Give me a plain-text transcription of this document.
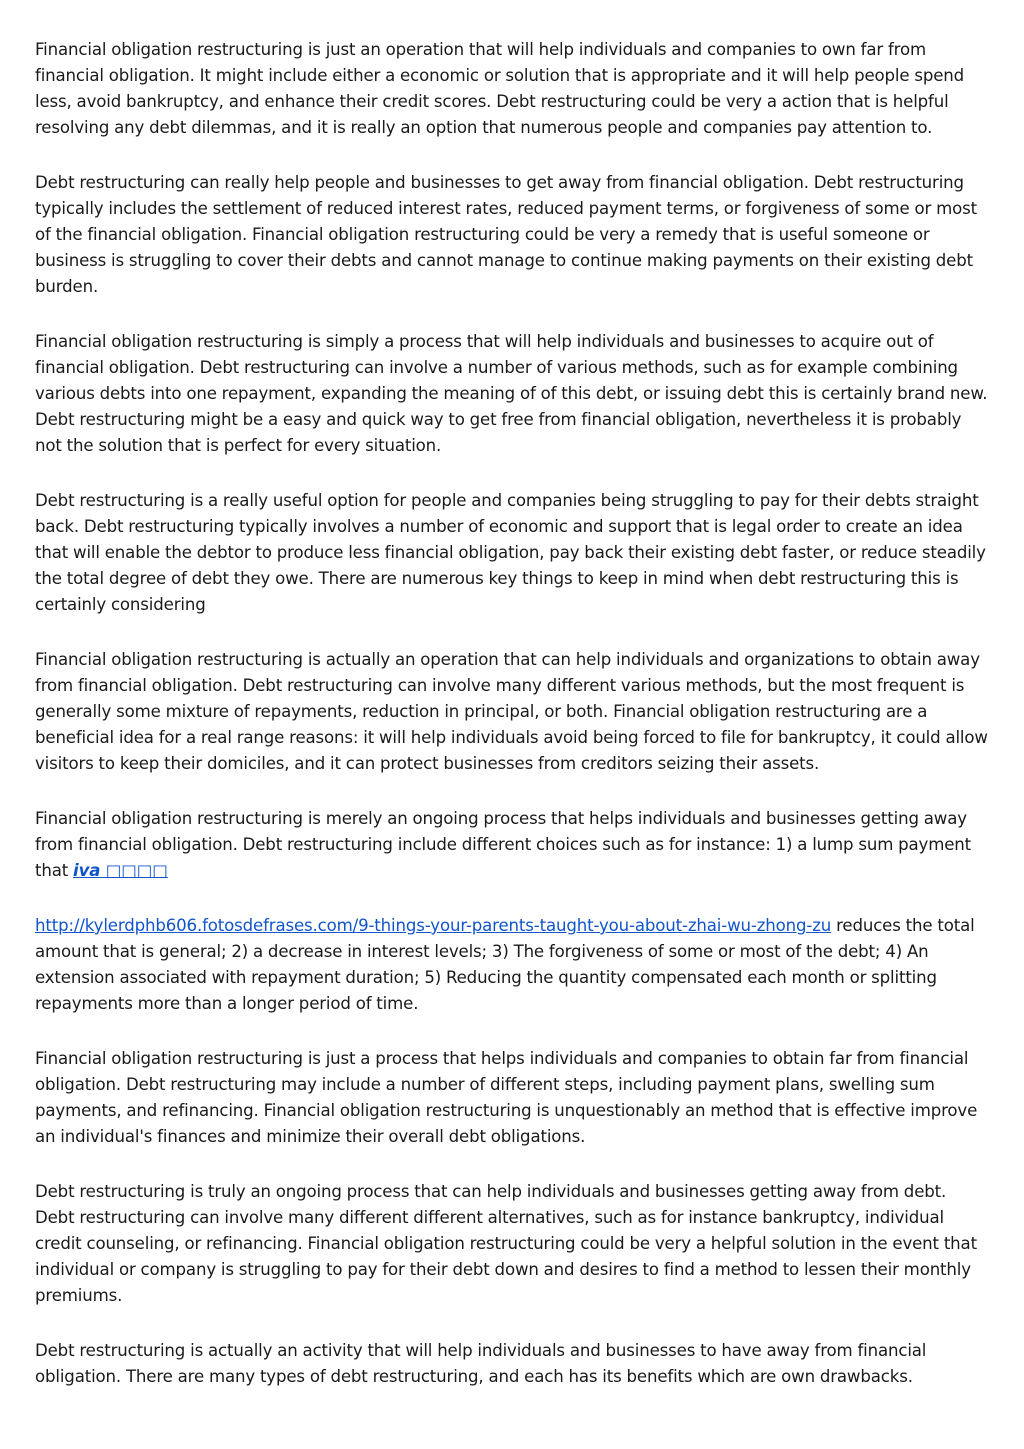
Financial obligation restructuring is just an operation that will help individuals and companies to own far from financial obligation. It might include either a economic or solution that is appropriate and it will help people spend less, avoid bankruptcy, and enhance their credit scores. Debt restructuring could be very a action that is helpful resolving any debt dilemmas, and it is really an option that numerous people and companies pay attention to.

Debt restructuring can really help people and businesses to get away from financial obligation. Debt restructuring typically includes the settlement of reduced interest rates, reduced payment terms, or forgiveness of some or most of the financial obligation. Financial obligation restructuring could be very a remedy that is useful someone or business is struggling to cover their debts and cannot manage to continue making payments on their existing debt burden.

Financial obligation restructuring is simply a process that will help individuals and businesses to acquire out of financial obligation. Debt restructuring can involve a number of various methods, such as for example combining various debts into one repayment, expanding the meaning of of this debt, or issuing debt this is certainly brand new. Debt restructuring might be a easy and quick way to get free from financial obligation, nevertheless it is probably not the solution that is perfect for every situation.

Debt restructuring is a really useful option for people and companies being struggling to pay for their debts straight back. Debt restructuring typically involves a number of economic and support that is legal order to create an idea that will enable the debtor to produce less financial obligation, pay back their existing debt faster, or reduce steadily the total degree of debt they owe. There are numerous key things to keep in mind when debt restructuring this is certainly considering

Financial obligation restructuring is actually an operation that can help individuals and organizations to obtain away from financial obligation. Debt restructuring can involve many different various methods, but the most frequent is generally some mixture of repayments, reduction in principal, or both. Financial obligation restructuring are a beneficial idea for a real range reasons: it will help individuals avoid being forced to file for bankruptcy, it could allow visitors to keep their domiciles, and it can protect businesses from creditors seizing their assets.

Financial obligation restructuring is merely an ongoing process that helps individuals and businesses getting away from financial obligation. Debt restructuring include different choices such as for instance: 1) a lump sum payment that iva □□□□

http://kylerdphb606.fotosdefrases.com/9-things-your-parents-taught-you-about-zhai-wu-zhong-zu reduces the total amount that is general; 2) a decrease in interest levels; 3) The forgiveness of some or most of the debt; 4) An extension associated with repayment duration; 5) Reducing the quantity compensated each month or splitting repayments more than a longer period of time.

Financial obligation restructuring is just a process that helps individuals and companies to obtain far from financial obligation. Debt restructuring may include a number of different steps, including payment plans, swelling sum payments, and refinancing. Financial obligation restructuring is unquestionably an method that is effective improve an individual's finances and minimize their overall debt obligations.

Debt restructuring is truly an ongoing process that can help individuals and businesses getting away from debt. Debt restructuring can involve many different different alternatives, such as for instance bankruptcy, individual credit counseling, or refinancing. Financial obligation restructuring could be very a helpful solution in the event that individual or company is struggling to pay for their debt down and desires to find a method to lessen their monthly premiums.

Debt restructuring is actually an activity that will help individuals and businesses to have away from financial obligation. There are many types of debt restructuring, and each has its benefits which are own drawbacks.
